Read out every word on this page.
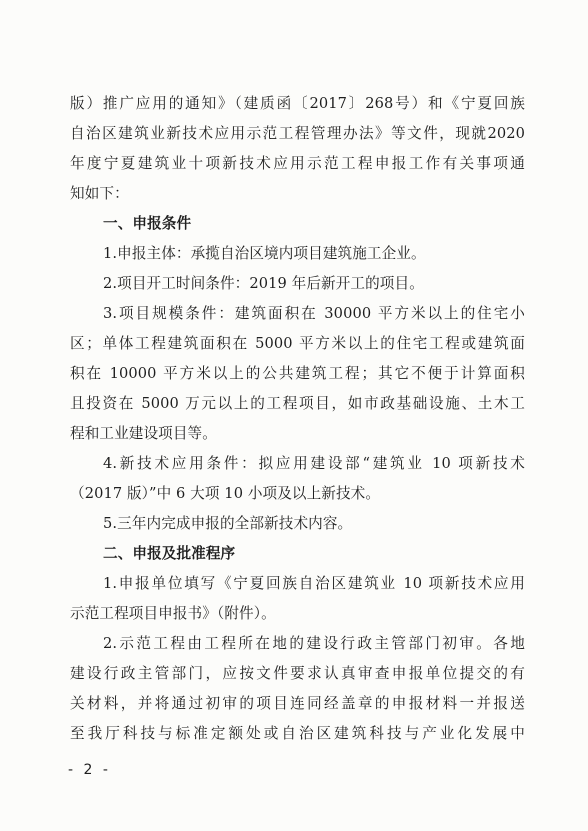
版）推广应用的通知》（建质函〔2017〕268号）和《宁夏回族
自治区建筑业新技术应用示范工程管理办法》等文件，现就2020
年度宁夏建筑业十项新技术应用示范工程申报工作有关事项通
知如下：
一、申报条件
1.申报主体：承揽自治区境内项目建筑施工企业。
2.项目开工时间条件：2019 年后新开工的项目。
3.项目规模条件：建筑面积在 30000 平方米以上的住宅小
区；单体工程建筑面积在 5000 平方米以上的住宅工程或建筑面
积在 10000 平方米以上的公共建筑工程；其它不便于计算面积
且投资在 5000 万元以上的工程项目，如市政基础设施、土木工
程和工业建设项目等。
4.新技术应用条件：拟应用建设部“建筑业 10 项新技术
（2017 版）”中 6 大项 10 小项及以上新技术。
5.三年内完成申报的全部新技术内容。
二、申报及批准程序
1.申报单位填写《宁夏回族自治区建筑业 10 项新技术应用
示范工程项目申报书》（附件）。
2.示范工程由工程所在地的建设行政主管部门初审。各地
建设行政主管部门，应按文件要求认真审查申报单位提交的有
关材料，并将通过初审的项目连同经盖章的申报材料一并报送
- 2 -
至我厅科技与标准定额处或自治区建筑科技与产业化发展中
